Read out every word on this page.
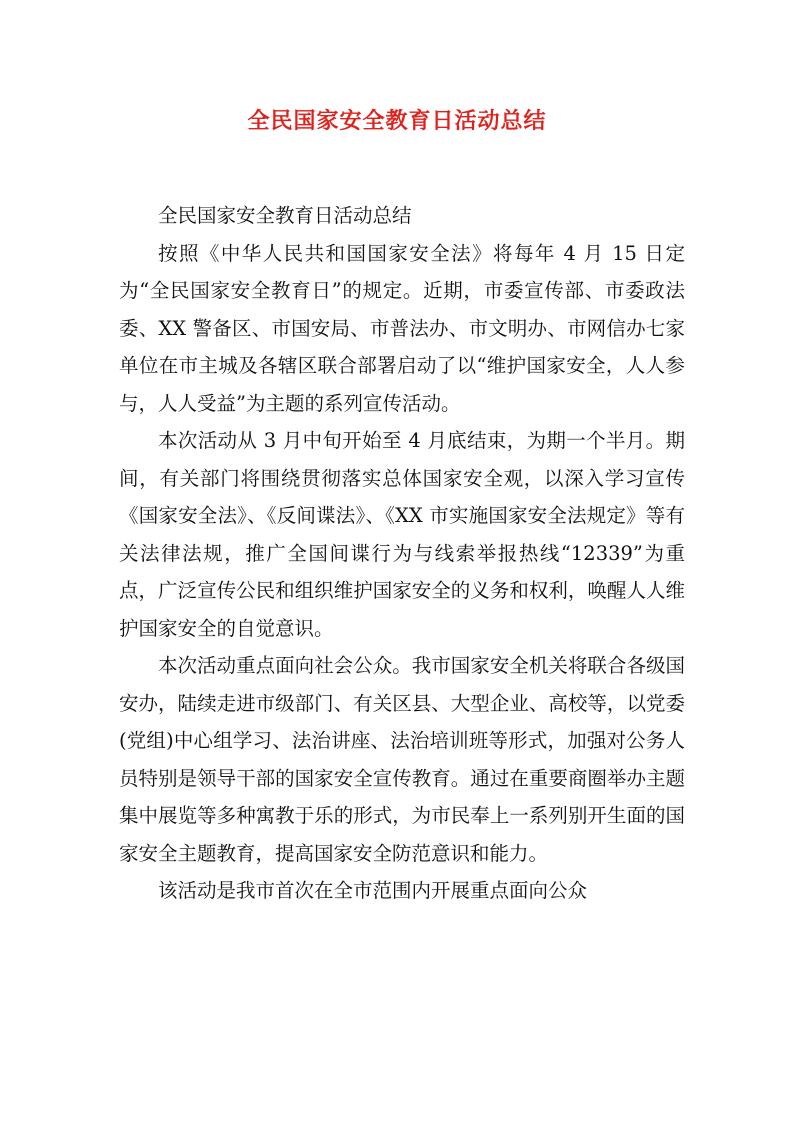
全民国家安全教育日活动总结

全民国家安全教育日活动总结

按照《中华人民共和国国家安全法》将每年 4 月 15 日定为“全民国家安全教育日”的规定。近期，市委宣传部、市委政法委、XX 警备区、市国安局、市普法办、市文明办、市网信办七家单位在市主城及各辖区联合部署启动了以“维护国家安全，人人参与，人人受益”为主题的系列宣传活动。

本次活动从 3 月中旬开始至 4 月底结束，为期一个半月。期间，有关部门将围绕贯彻落实总体国家安全观，以深入学习宣传《国家安全法》、《反间谍法》、《XX 市实施国家安全法规定》等有关法律法规，推广全国间谍行为与线索举报热线“12339”为重点，广泛宣传公民和组织维护国家安全的义务和权利，唤醒人人维护国家安全的自觉意识。

本次活动重点面向社会公众。我市国家安全机关将联合各级国安办，陆续走进市级部门、有关区县、大型企业、高校等，以党委(党组)中心组学习、法治讲座、法治培训班等形式，加强对公务人员特别是领导干部的国家安全宣传教育。通过在重要商圈举办主题集中展览等多种寓教于乐的形式，为市民奉上一系列别开生面的国家安全主题教育，提高国家安全防范意识和能力。

该活动是我市首次在全市范围内开展重点面向公众
